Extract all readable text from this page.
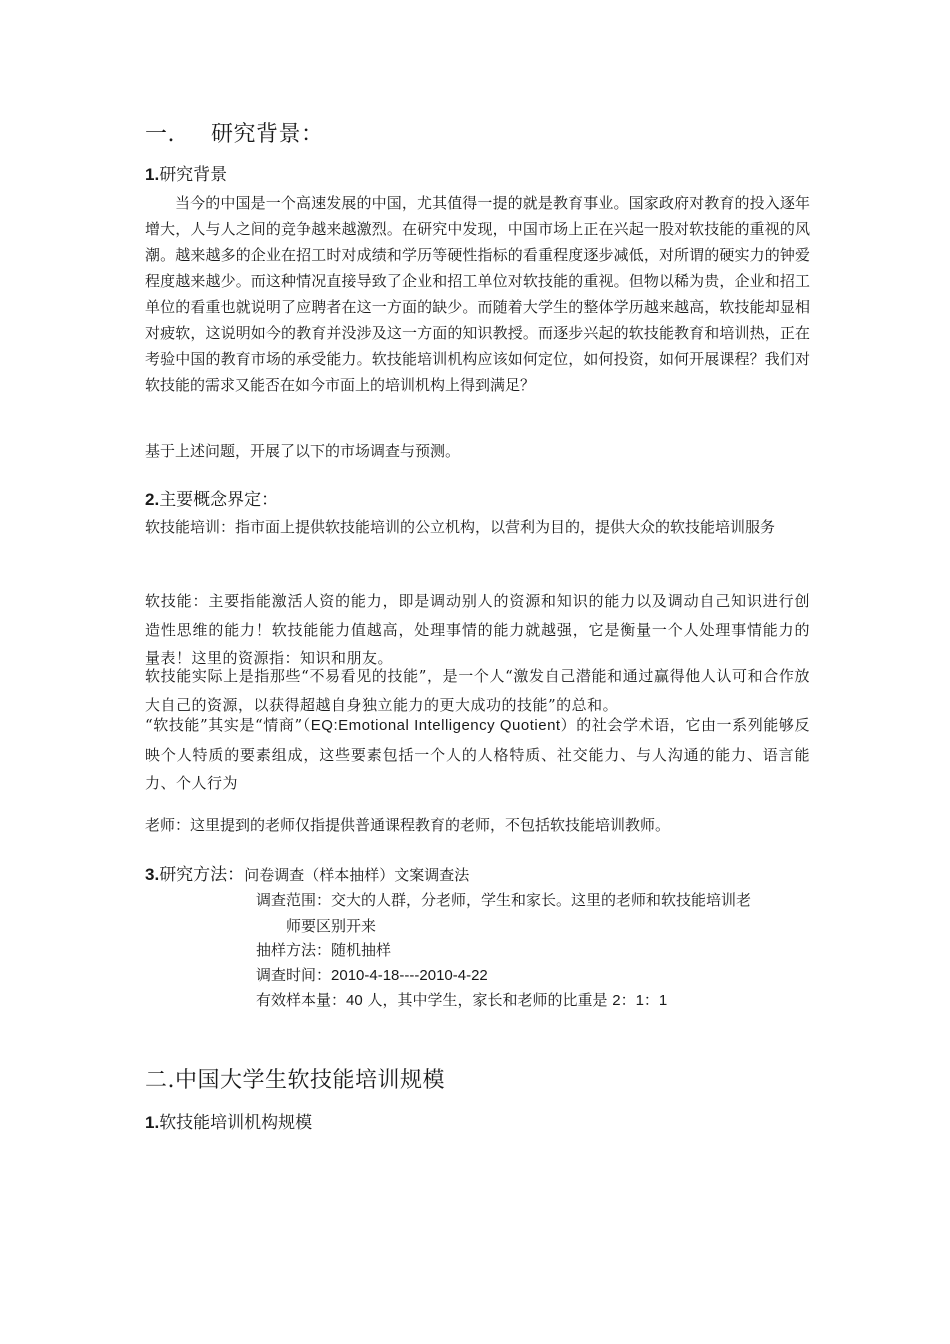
一. 研究背景：
1.研究背景

当今的中国是一个高速发展的中国，尤其值得一提的就是教育事业。国家政府对教育的投入逐年增大，人与人之间的竞争越来越激烈。在研究中发现，中国市场上正在兴起一股对软技能的重视的风潮。越来越多的企业在招工时对成绩和学历等硬性指标的看重程度逐步减低，对所谓的硬实力的钟爱程度越来越少。而这种情况直接导致了企业和招工单位对软技能的重视。但物以稀为贵，企业和招工单位的看重也就说明了应聘者在这一方面的缺少。而随着大学生的整体学历越来越高，软技能却显相对疲软，这说明如今的教育并没涉及这一方面的知识教授。而逐步兴起的软技能教育和培训热，正在考验中国的教育市场的承受能力。软技能培训机构应该如何定位，如何投资，如何开展课程？我们对软技能的需求又能否在如今市面上的培训机构上得到满足？

基于上述问题，开展了以下的市场调查与预测。

2.主要概念界定：

软技能培训：指市面上提供软技能培训的公立机构，以营利为目的，提供大众的软技能培训服务

软技能：主要指能激活人资的能力，即是调动别人的资源和知识的能力以及调动自己知识进行创造性思维的能力！软技能能力值越高，处理事情的能力就越强，它是衡量一个人处理事情能力的量表！这里的资源指：知识和朋友。

软技能实际上是指那些“不易看见的技能”，是一个人“激发自己潜能和通过赢得他人认可和合作放大自己的资源，以获得超越自身独立能力的更大成功的技能”的总和。

“软技能”其实是“情商”（EQ:Emotional Intelligency Quotient）的社会学术语，它由一系列能够反映个人特质的要素组成，这些要素包括一个人的人格特质、社交能力、与人沟通的能力、语言能力、个人行为

老师：这里提到的老师仅指提供普通课程教育的老师，不包括软技能培训教师。

3.研究方法：问卷调查（样本抽样）文案调查法
调查范围：交大的人群，分老师，学生和家长。这里的老师和软技能培训老
师要区别开来
抽样方法：随机抽样
调查时间：2010-4-18----2010-4-22
有效样本量：40 人，其中学生，家长和老师的比重是 2：1：1
二.中国大学生软技能培训规模
1.软技能培训机构规模
